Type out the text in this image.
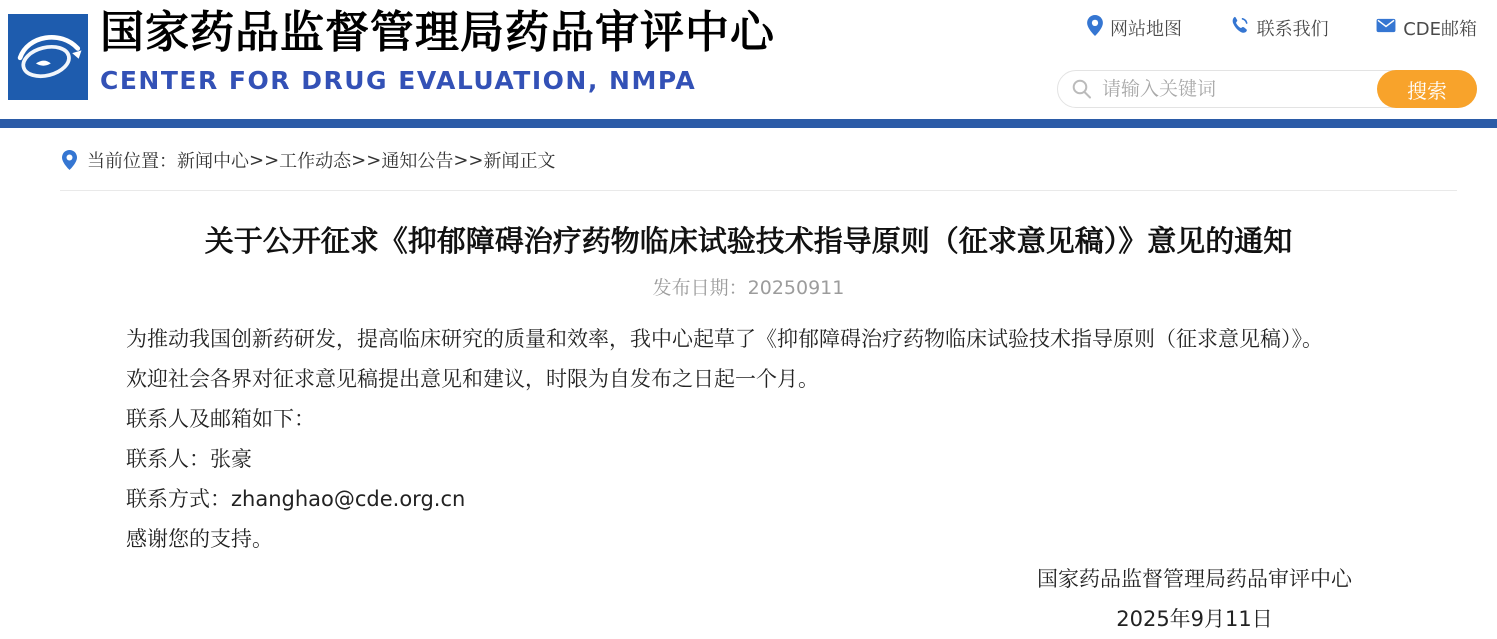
国家药品监督管理局药品审评中心
CENTER FOR DRUG EVALUATION, NMPA
网站地图	联系我们	CDE邮箱
请输入关键词
搜索
当前位置： 新闻中心 >> 工作动态 >> 通知公告 >> 新闻正文
关于公开征求《抑郁障碍治疗药物临床试验技术指导原则（征求意见稿）》意见的通知
发布日期：20250911

为推动我国创新药研发，提高临床研究的质量和效率，我中心起草了《抑郁障碍治疗药物临床试验技术指导原则（征求意见稿）》。

欢迎社会各界对征求意见稿提出意见和建议，时限为自发布之日起一个月。

联系人及邮箱如下：

联系人：张豪

联系方式：zhanghao@cde.org.cn

感谢您的支持。

国家药品监督管理局药品审评中心
2025年9月11日
